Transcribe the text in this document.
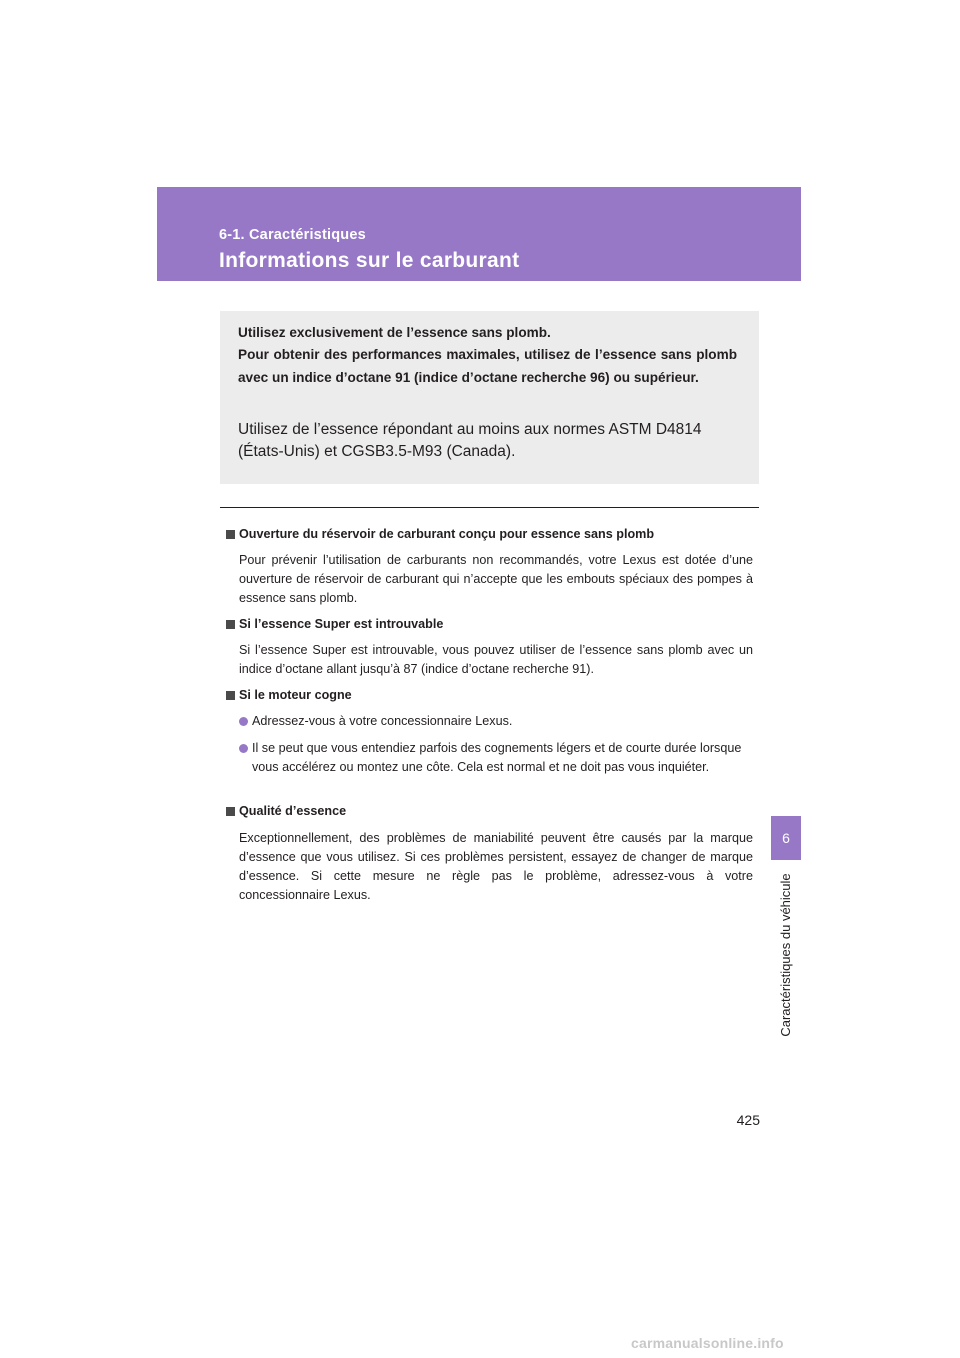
6-1. Caractéristiques
Informations sur le carburant
6
Caractéristiques du véhicule

Utilisez exclusivement de l’essence sans plomb.

Pour obtenir des performances maximales, utilisez de l’essence sans plomb avec un indice d’octane 91 (indice d’octane recherche 96) ou supérieur.

Utilisez de l’essence répondant au moins aux normes ASTM D4814 (États-Unis) et CGSB3.5-M93 (Canada).

Ouverture du réservoir de carburant conçu pour essence sans plomb

Pour prévenir l’utilisation de carburants non recommandés, votre Lexus est dotée d’une ouverture de réservoir de carburant qui n’accepte que les embouts spéciaux des pompes à essence sans plomb.

Si l’essence Super est introuvable

Si l’essence Super est introuvable, vous pouvez utiliser de l’essence sans plomb avec un indice d’octane allant jusqu’à 87 (indice d’octane recherche 91).

Si le moteur cogne

Adressez-vous à votre concessionnaire Lexus.
Il se peut que vous entendiez parfois des cognements légers et de courte durée lorsque vous accélérez ou montez une côte. Cela est normal et ne doit pas vous inquiéter.

Qualité d’essence

Exceptionnellement, des problèmes de maniabilité peuvent être causés par la marque d’essence que vous utilisez. Si ces problèmes persistent, essayez de changer de marque d’essence. Si cette mesure ne règle pas le problème, adressez-vous à votre concessionnaire Lexus.

425
carmanualsonline.info
